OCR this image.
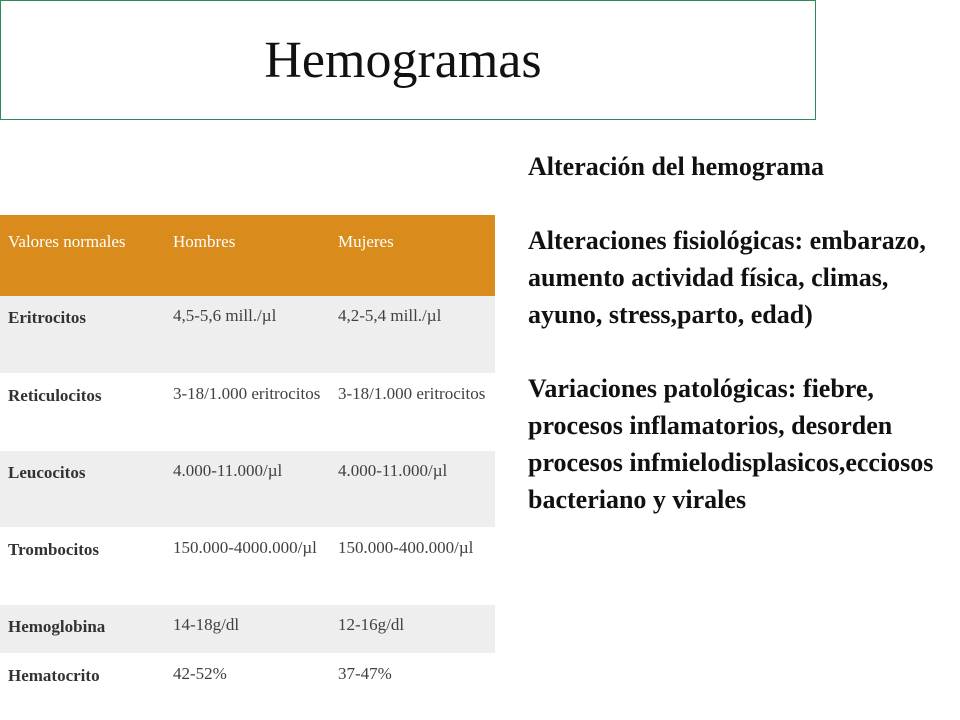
Hemogramas
Valores normales	Hombres	Mujeres
Eritrocitos	4,5-5,6 mill./µl	4,2-5,4 mill./µl
Reticulocitos	3-18/1.000 eritrocitos	3-18/1.000 eritrocitos
Leucocitos	4.000-11.000/µl	4.000-11.000/µl
Trombocitos	150.000-4000.000/µl	150.000-400.000/µl
Hemoglobina	14-18g/dl	12-16g/dl
Hematocrito	42-52%	37-47%

Alteración del hemograma

Alteraciones fisiológicas: embarazo, aumento actividad física, climas, ayuno, stress,parto, edad)

Variaciones patológicas: fiebre, procesos inflamatorios, desorden procesos infmielodisplasicos,ecciosos bacteriano y virales
